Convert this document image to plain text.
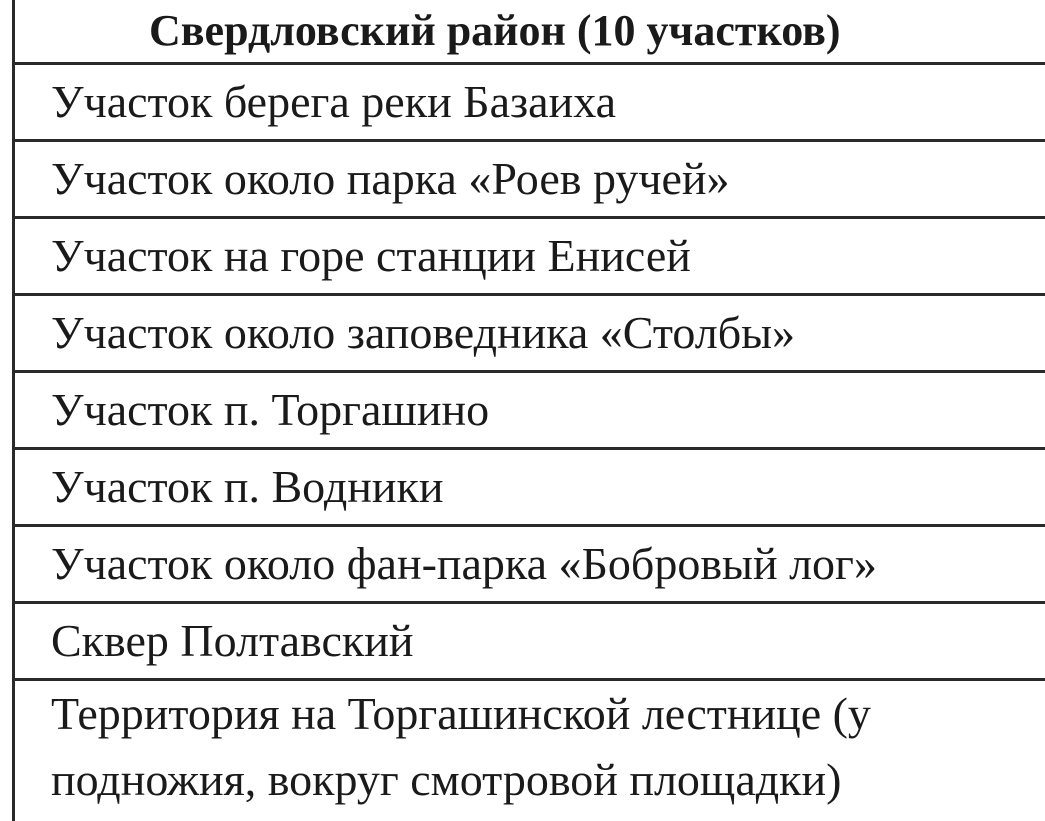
Свердловский район (10 участков)
Участок берега реки Базаиха
Участок около парка «Роев ручей»
Участок на горе станции Енисей
Участок около заповедника «Столбы»
Участок п. Торгашино
Участок п. Водники
Участок около фан-парка «Бобровый лог»
Сквер Полтавский
Территория на Торгашинской лестнице (у
подножия, вокруг смотровой площадки)
